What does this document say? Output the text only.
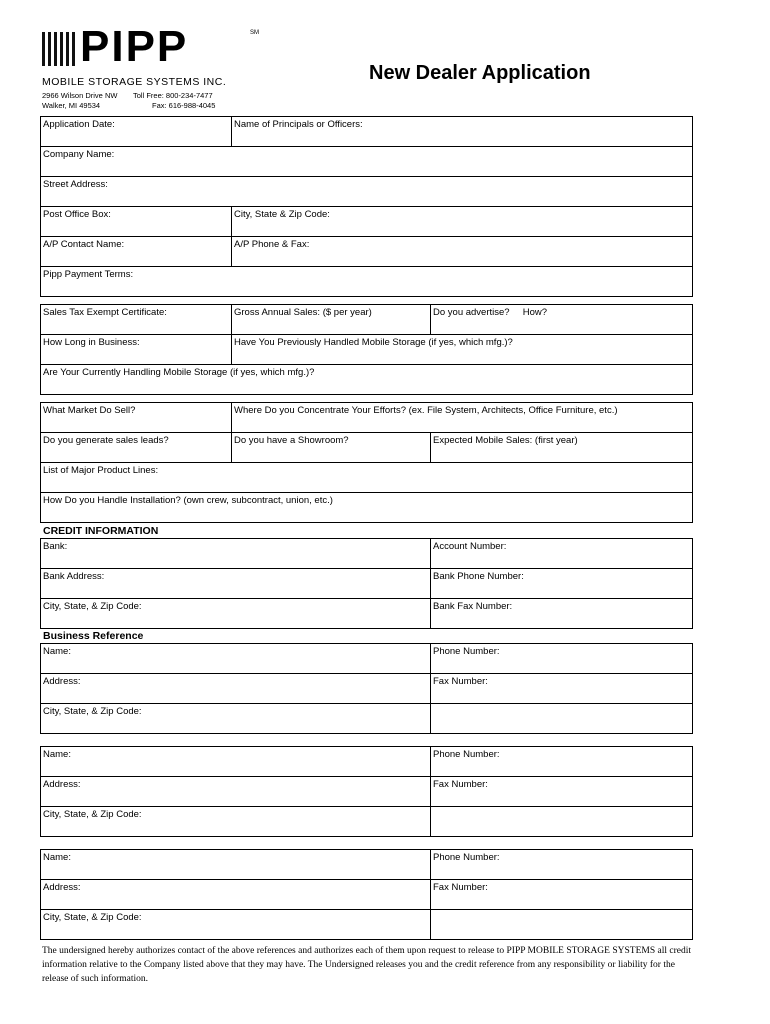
PIPP	SM
MOBILE STORAGE SYSTEMS INC.
2966 Wilson Drive NW
Walker, MI 49534
Toll Free: 800-234-7477
Fax: 616-988-4045
New Dealer Application
Application Date:	Name of Principals or Officers:
Company Name:	
Street Address:	
Post Office Box:	City, State & Zip Code:
A/P Contact Name:	A/P Phone & Fax:
Pipp Payment Terms:	
Sales Tax Exempt Certificate:	Gross Annual Sales: ($ per year)	Do you advertise?     How?
How Long in Business:	Have You Previously Handled Mobile Storage (if yes, which mfg.)?	
Are Your Currently Handling Mobile Storage (if yes, which mfg.)?		
What Market Do Sell?	Where Do you Concentrate Your Efforts? (ex. File System, Architects, Office Furniture, etc.)	
Do you generate sales leads?	Do you have a Showroom?	Expected Mobile Sales: (first year)
List of Major Product Lines:		
How Do you Handle Installation? (own crew, subcontract, union, etc.)		
CREDIT INFORMATION
Bank:	Account Number:
Bank Address:	Bank Phone Number:
City, State, & Zip Code:	Bank Fax Number:
Business Reference
Name:	Phone Number:
Address:	Fax Number:
City, State, & Zip Code:	
Name:	Phone Number:
Address:	Fax Number:
City, State, & Zip Code:	
Name:	Phone Number:
Address:	Fax Number:
City, State, & Zip Code:	
The undersigned hereby authorizes contact of the above references and authorizes each of them upon request to release to PIPP MOBILE STORAGE SYSTEMS all credit information relative to the Company listed above that they may have. The Undersigned releases you and the credit reference from any responsibility or liability for the release of such information.
